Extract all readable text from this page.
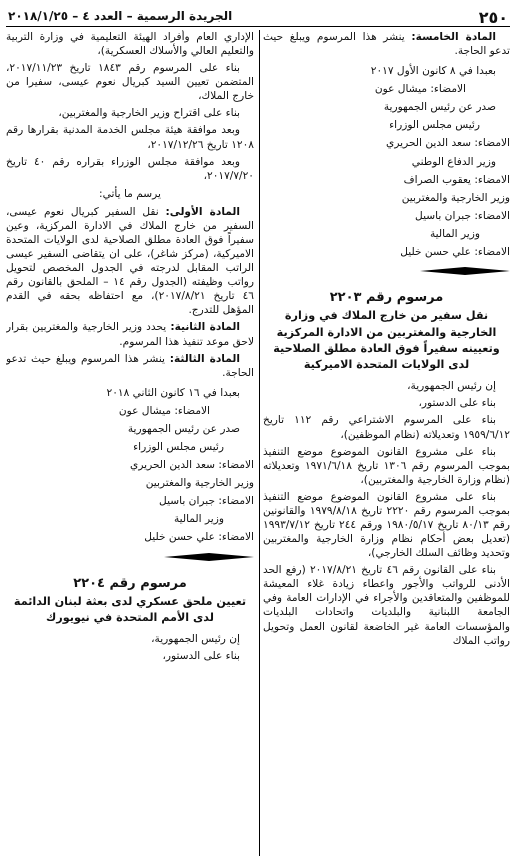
٢٥٠
الجريدة الرسمية – العدد ٤ – ٢٠١٨/١/٢٥

المادة الخامسة: ينشر هذا المرسوم ويبلغ حيث تدعو الحاجة.

بعبدا في ٨ كانون الأول ٢٠١٧

الامضاء: ميشال عون

صدر عن رئيس الجمهورية

رئيس مجلس الوزراء

الامضاء: سعد الدين الحريري

وزير الدفاع الوطني

الامضاء: يعقوب الصراف

وزير الخارجية والمغتربين

الامضاء: جبران باسيل

وزير المالية

الامضاء: علي حسن خليل

مرسوم رقم ٢٢٠٣
نقل سفير من خارج الملاك في وزارة الخارجية والمغتربين من الادارة المركزية وتعيينه سفيراً فوق العادة مطلق الصلاحية لدى الولايات المتحدة الاميركية

إن رئيس الجمهورية،

بناء على الدستور،

بناء على المرسوم الاشتراعي رقم ١١٢ تاريخ ١٩٥٩/٦/١٢ وتعديلاته (نظام الموظفين)،

بناء على مشروع القانون الموضوع موضع التنفيذ بموجب المرسوم رقم ١٣٠٦ تاريخ ١٩٧١/٦/١٨ وتعديلاته (نظام وزارة الخارجية والمغتربين)،

بناء على مشروع القانون الموضوع موضع التنفيذ بموجب المرسوم رقم ٢٢٢٠ تاريخ ١٩٧٩/٨/١٨ والقانونين رقم ٨٠/١٣ تاريخ ١٩٨٠/٥/١٧ ورقم ٢٤٤ تاريخ ١٩٩٣/٧/١٢ (تعديل بعض أحكام نظام وزارة الخارجية والمغتربين وتحديد وظائف السلك الخارجي)،

بناء على القانون رقم ٤٦ تاريخ ٢٠١٧/٨/٢١ (رفع الحد الأدنى للرواتب والأجور واعطاء زيادة غلاء المعيشة للموظفين والمتعاقدين والأجراء في الإدارات العامة وفي الجامعة اللبنانية والبلديات واتحادات البلديات والمؤسسات العامة غير الخاضعة لقانون العمل وتحويل رواتب الملاك

الإداري العام وأفراد الهيئة التعليمية في وزارة التربية والتعليم العالي والأسلاك العسكرية)،

بناء على المرسوم رقم ١٨٤٣ تاريخ ٢٠١٧/١١/٢٣، المتضمن تعيين السيد كبريال نعوم عيسى، سفيرا من خارج الملاك،

بناء على اقتراح وزير الخارجية والمغتربين،

وبعد موافقة هيئة مجلس الخدمة المدنية بقرارها رقم ١٢٠٨ تاريخ ٢٠١٧/١٢/٢٦،

وبعد موافقة مجلس الوزراء بقراره رقم ٤٠ تاريخ ٢٠١٧/٧/٢٠،

يرسم ما يأتي:

المادة الأولى: نقل السفير كبريال نعوم عيسى، السفير من خارج الملاك في الادارة المركزية، وعين سفيراً فوق العادة مطلق الصلاحية لدى الولايات المتحدة الاميركية، (مركز شاغر)، على ان يتقاضى السفير عيسى الراتب المقابل لدرجته في الجدول المخصص لتحويل رواتب وظيفته (الجدول رقم ١٤ – الملحق بالقانون رقم ٤٦ تاريخ ٢٠١٧/٨/٢١)، مع احتفاظه بحقه في القدم المؤهل للتدرج.

المادة الثانية: يحدد وزير الخارجية والمغتربين بقرار لاحق موعد تنفيذ هذا المرسوم.

المادة الثالثة: ينشر هذا المرسوم ويبلغ حيث تدعو الحاجة.

بعبدا في ١٦ كانون الثاني ٢٠١٨

الامضاء: ميشال عون

صدر عن رئيس الجمهورية

رئيس مجلس الوزراء

الامضاء: سعد الدين الحريري

وزير الخارجية والمغتربين

الامضاء: جبران باسيل

وزير المالية

الامضاء: علي حسن خليل

مرسوم رقم ٢٢٠٤
تعيين ملحق عسكري لدى بعثة لبنان الدائمة لدى الأمم المتحدة في نيويورك

إن رئيس الجمهورية،

بناء على الدستور،
